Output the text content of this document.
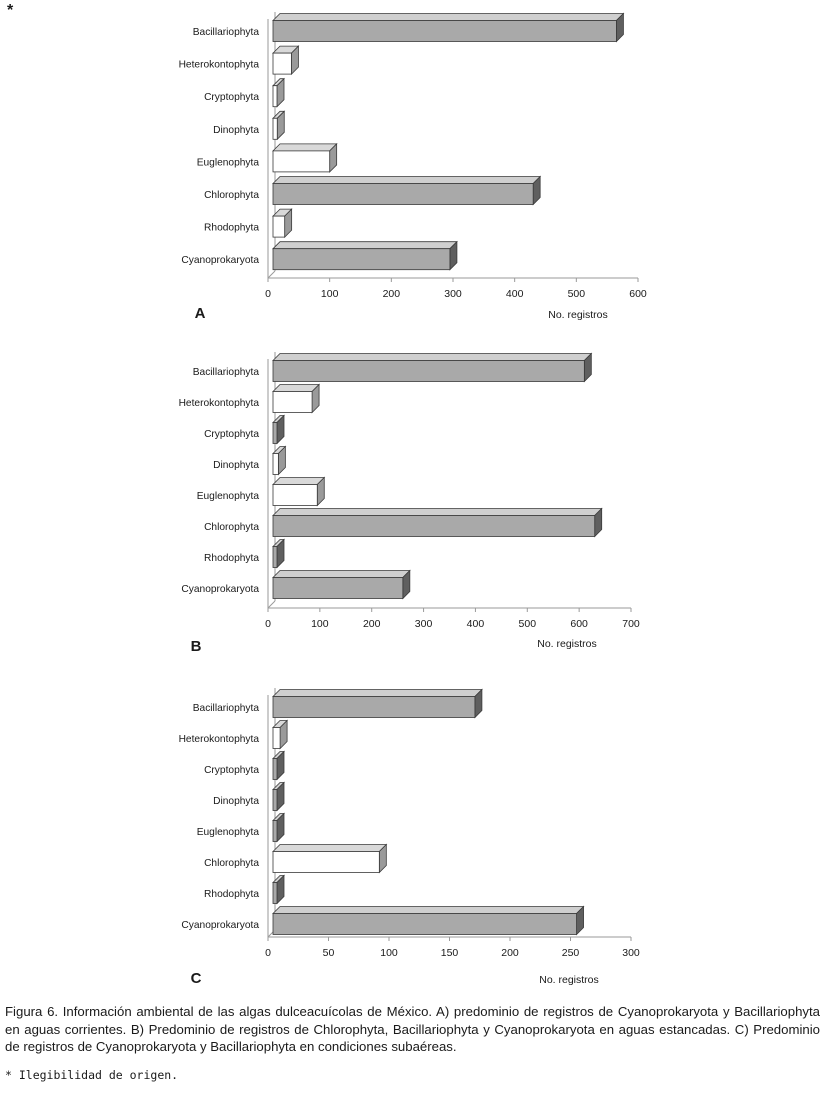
*
0	100	200	300	400	500	600
Bacillariophyta
Heterokontophyta
Cryptophyta
Dinophyta
Euglenophyta
Chlorophyta
Rhodophyta
Cyanoprokaryota
A	No. registros
0	100	200	300	400	500	600	700
Bacillariophyta
Heterokontophyta
Cryptophyta
Dinophyta
Euglenophyta
Chlorophyta
Rhodophyta
Cyanoprokaryota
B	No. registros
0	50	100	150	200	250	300
Bacillariophyta
Heterokontophyta
Cryptophyta
Dinophyta
Euglenophyta
Chlorophyta
Rhodophyta
Cyanoprokaryota
C	No. registros
Figura 6. Información ambiental de las algas dulceacuícolas de México. A) predominio de registros de Cyanoprokaryota y Bacillariophyta en aguas corrientes. B) Predominio de registros de Chlorophyta, Bacillariophyta y Cyanoprokaryota en aguas estancadas. C) Predominio de registros de Cyanoprokaryota y Bacillariophyta en condiciones subaéreas.
* Ilegibilidad de origen.
